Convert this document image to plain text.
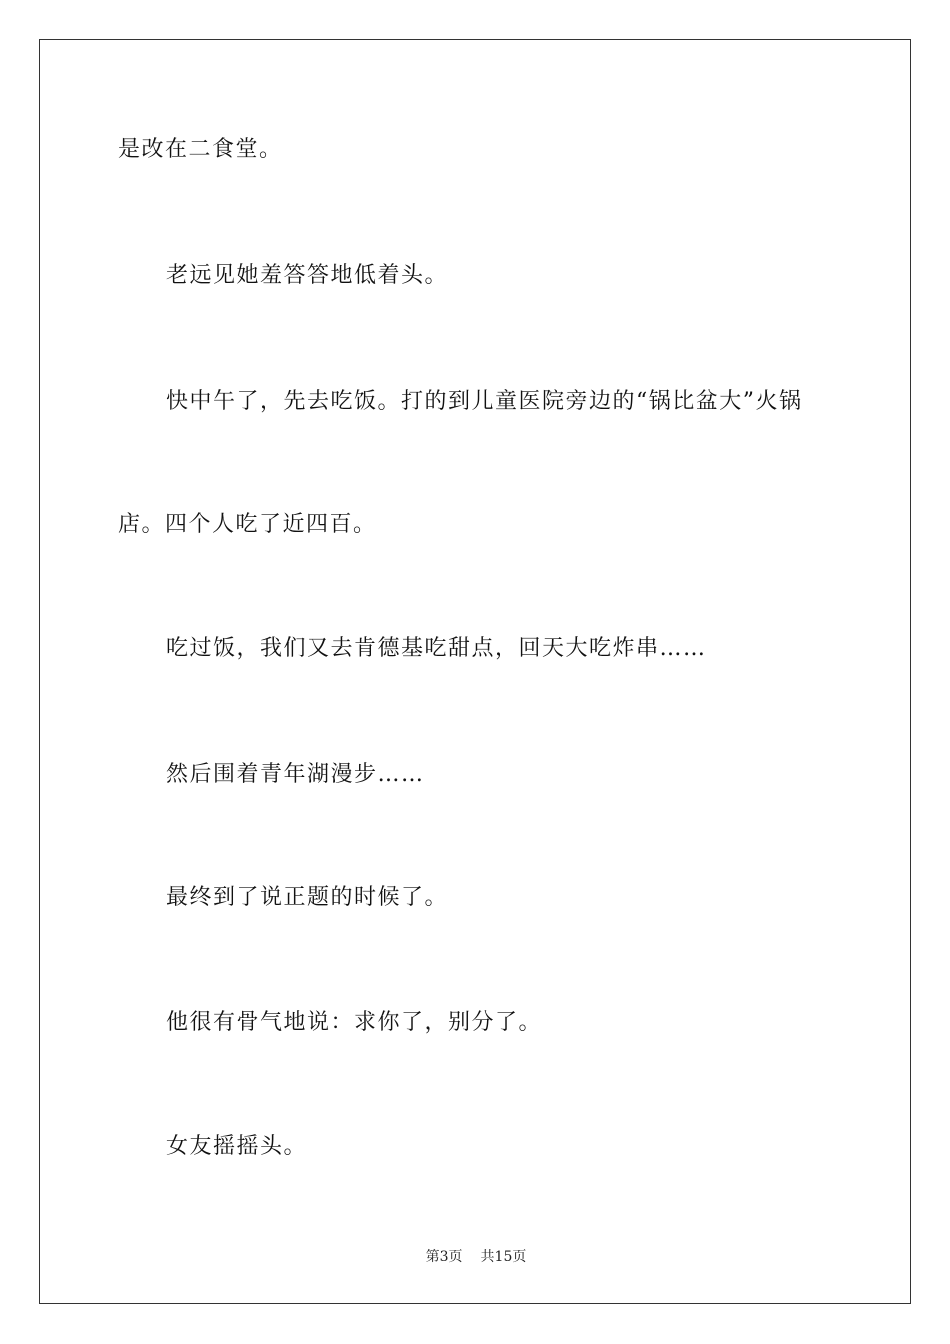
是改在二食堂。
老远见她羞答答地低着头。
快中午了，先去吃饭。打的到儿童医院旁边的“锅比盆大”火锅
店。四个人吃了近四百。
吃过饭，我们又去肯德基吃甜点，回天大吃炸串……
然后围着青年湖漫步……
最终到了说正题的时候了。
他很有骨气地说：求你了，别分了。
女友摇摇头。
第3页 共15页
